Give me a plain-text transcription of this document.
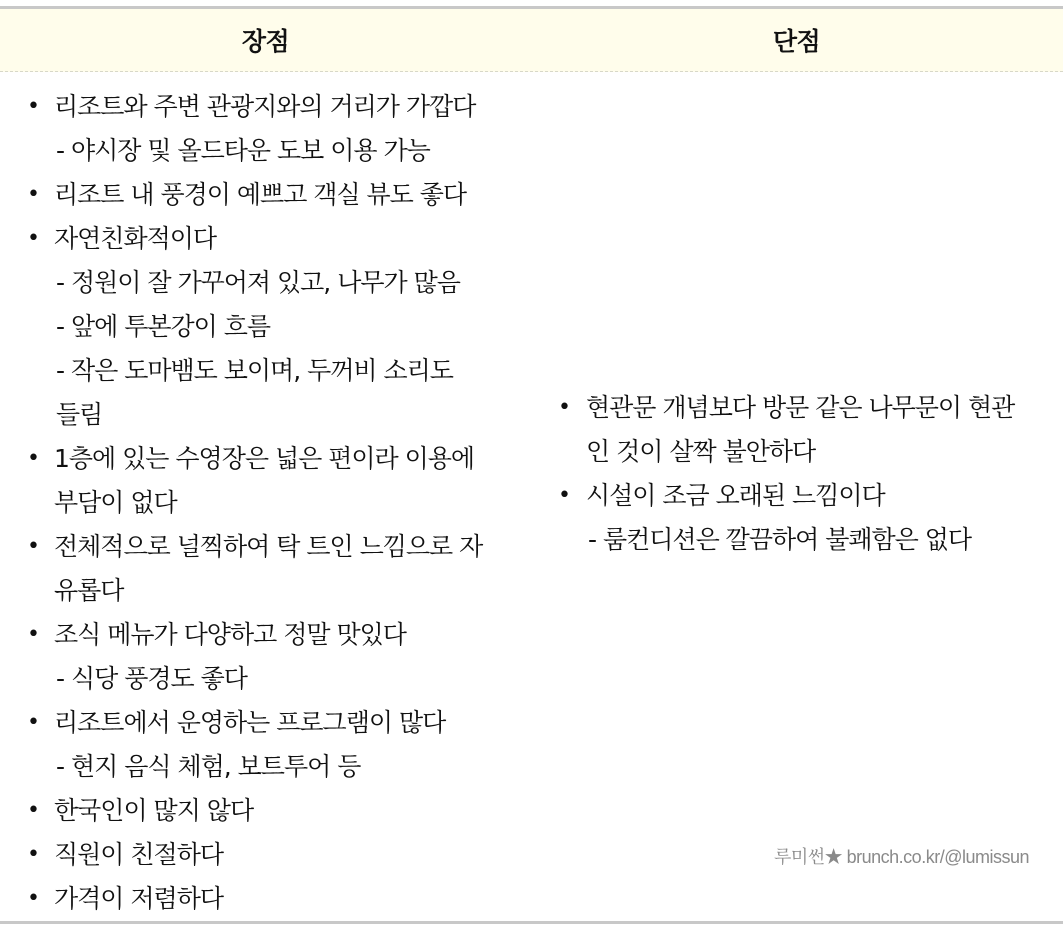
장점	단점
• 리조트와 주변 관광지와의 거리가 가깝다
- 야시장 및 올드타운 도보 이용 가능
• 리조트 내 풍경이 예쁘고 객실 뷰도 좋다
• 자연친화적이다
- 정원이 잘 가꾸어져 있고, 나무가 많음
- 앞에 투본강이 흐름
- 작은 도마뱀도 보이며, 두꺼비 소리도
들림
• 1층에 있는 수영장은 넓은 편이라 이용에
부담이 없다
• 전체적으로 널찍하여 탁 트인 느낌으로 자
유롭다
• 조식 메뉴가 다양하고 정말 맛있다
- 식당 풍경도 좋다
• 리조트에서 운영하는 프로그램이 많다
- 현지 음식 체험, 보트투어 등
• 한국인이 많지 않다
• 직원이 친절하다
• 가격이 저렴하다
• 현관문 개념보다 방문 같은 나무문이 현관
인 것이 살짝 불안하다
• 시설이 조금 오래된 느낌이다
- 룸컨디션은 깔끔하여 불쾌함은 없다
루미썬★ brunch.co.kr/@lumissun
